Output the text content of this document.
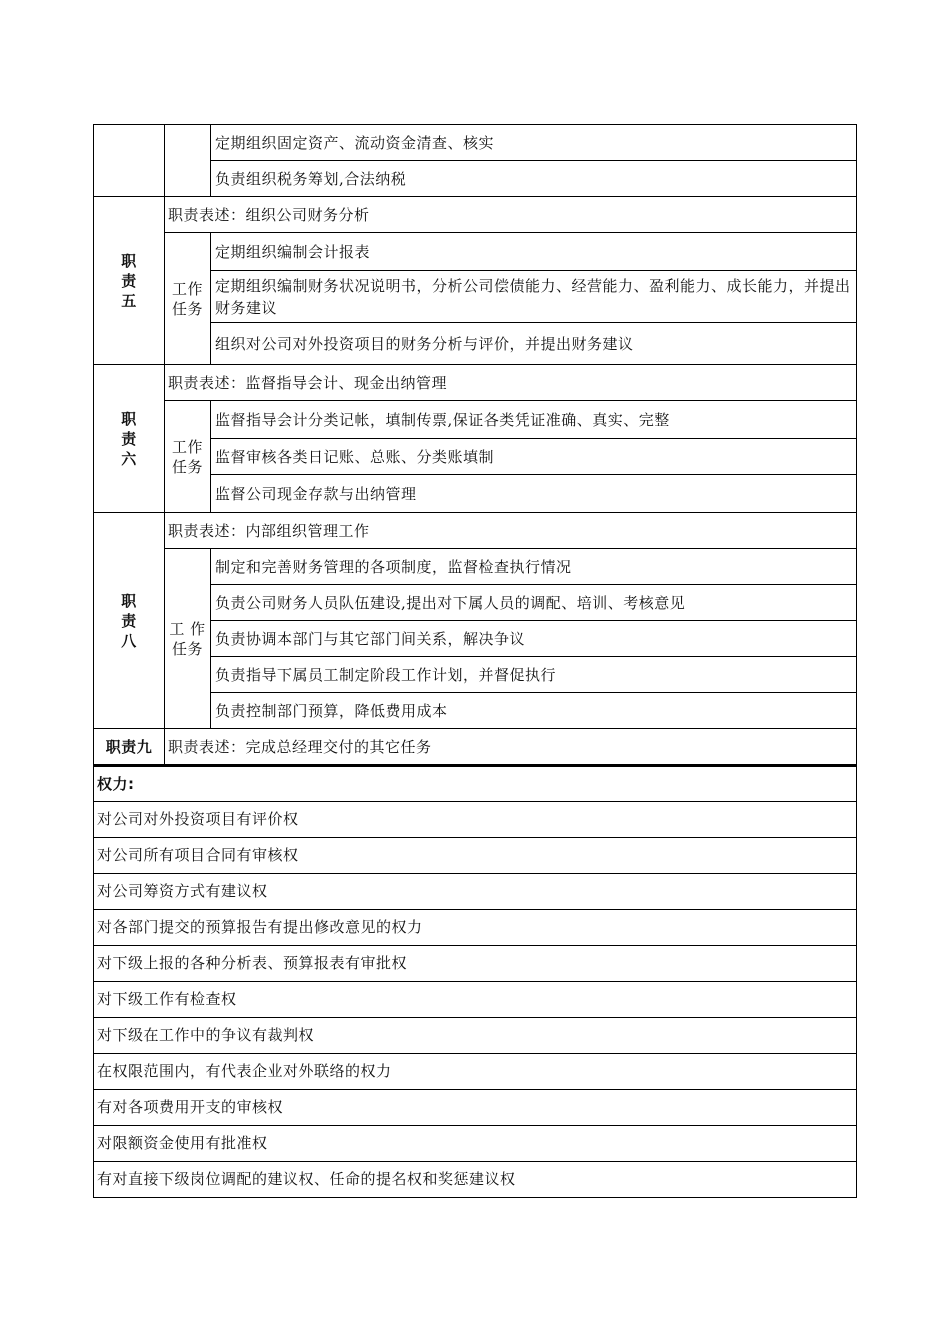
		定期组织固定资产、流动资金清查、核实
		负责组织税务筹划,合法纳税
职责五	职责表述：组织公司财务分析	
	工作任务	定期组织编制会计报表
		定期组织编制财务状况说明书，分析公司偿债能力、经营能力、盈利能力、成长能力，并提出财务建议
		组织对公司对外投资项目的财务分析与评价，并提出财务建议
职责六	职责表述：监督指导会计、现金出纳管理	
	工作任务	监督指导会计分类记帐，填制传票,保证各类凭证准确、真实、完整
		监督审核各类日记账、总账、分类账填制
		监督公司现金存款与出纳管理
职责八	职责表述：内部组织管理工作	
	工 作任务	制定和完善财务管理的各项制度，监督检查执行情况
		负责公司财务人员队伍建设,提出对下属人员的调配、培训、考核意见
		负责协调本部门与其它部门间关系，解决争议
		负责指导下属员工制定阶段工作计划，并督促执行
		负责控制部门预算，降低费用成本
职责九	职责表述：完成总经理交付的其它任务	
权力:
对公司对外投资项目有评价权
对公司所有项目合同有审核权
对公司筹资方式有建议权
对各部门提交的预算报告有提出修改意见的权力
对下级上报的各种分析表、预算报表有审批权
对下级工作有检查权
对下级在工作中的争议有裁判权
在权限范围内，有代表企业对外联络的权力
有对各项费用开支的审核权
对限额资金使用有批准权
有对直接下级岗位调配的建议权、任命的提名权和奖惩建议权
